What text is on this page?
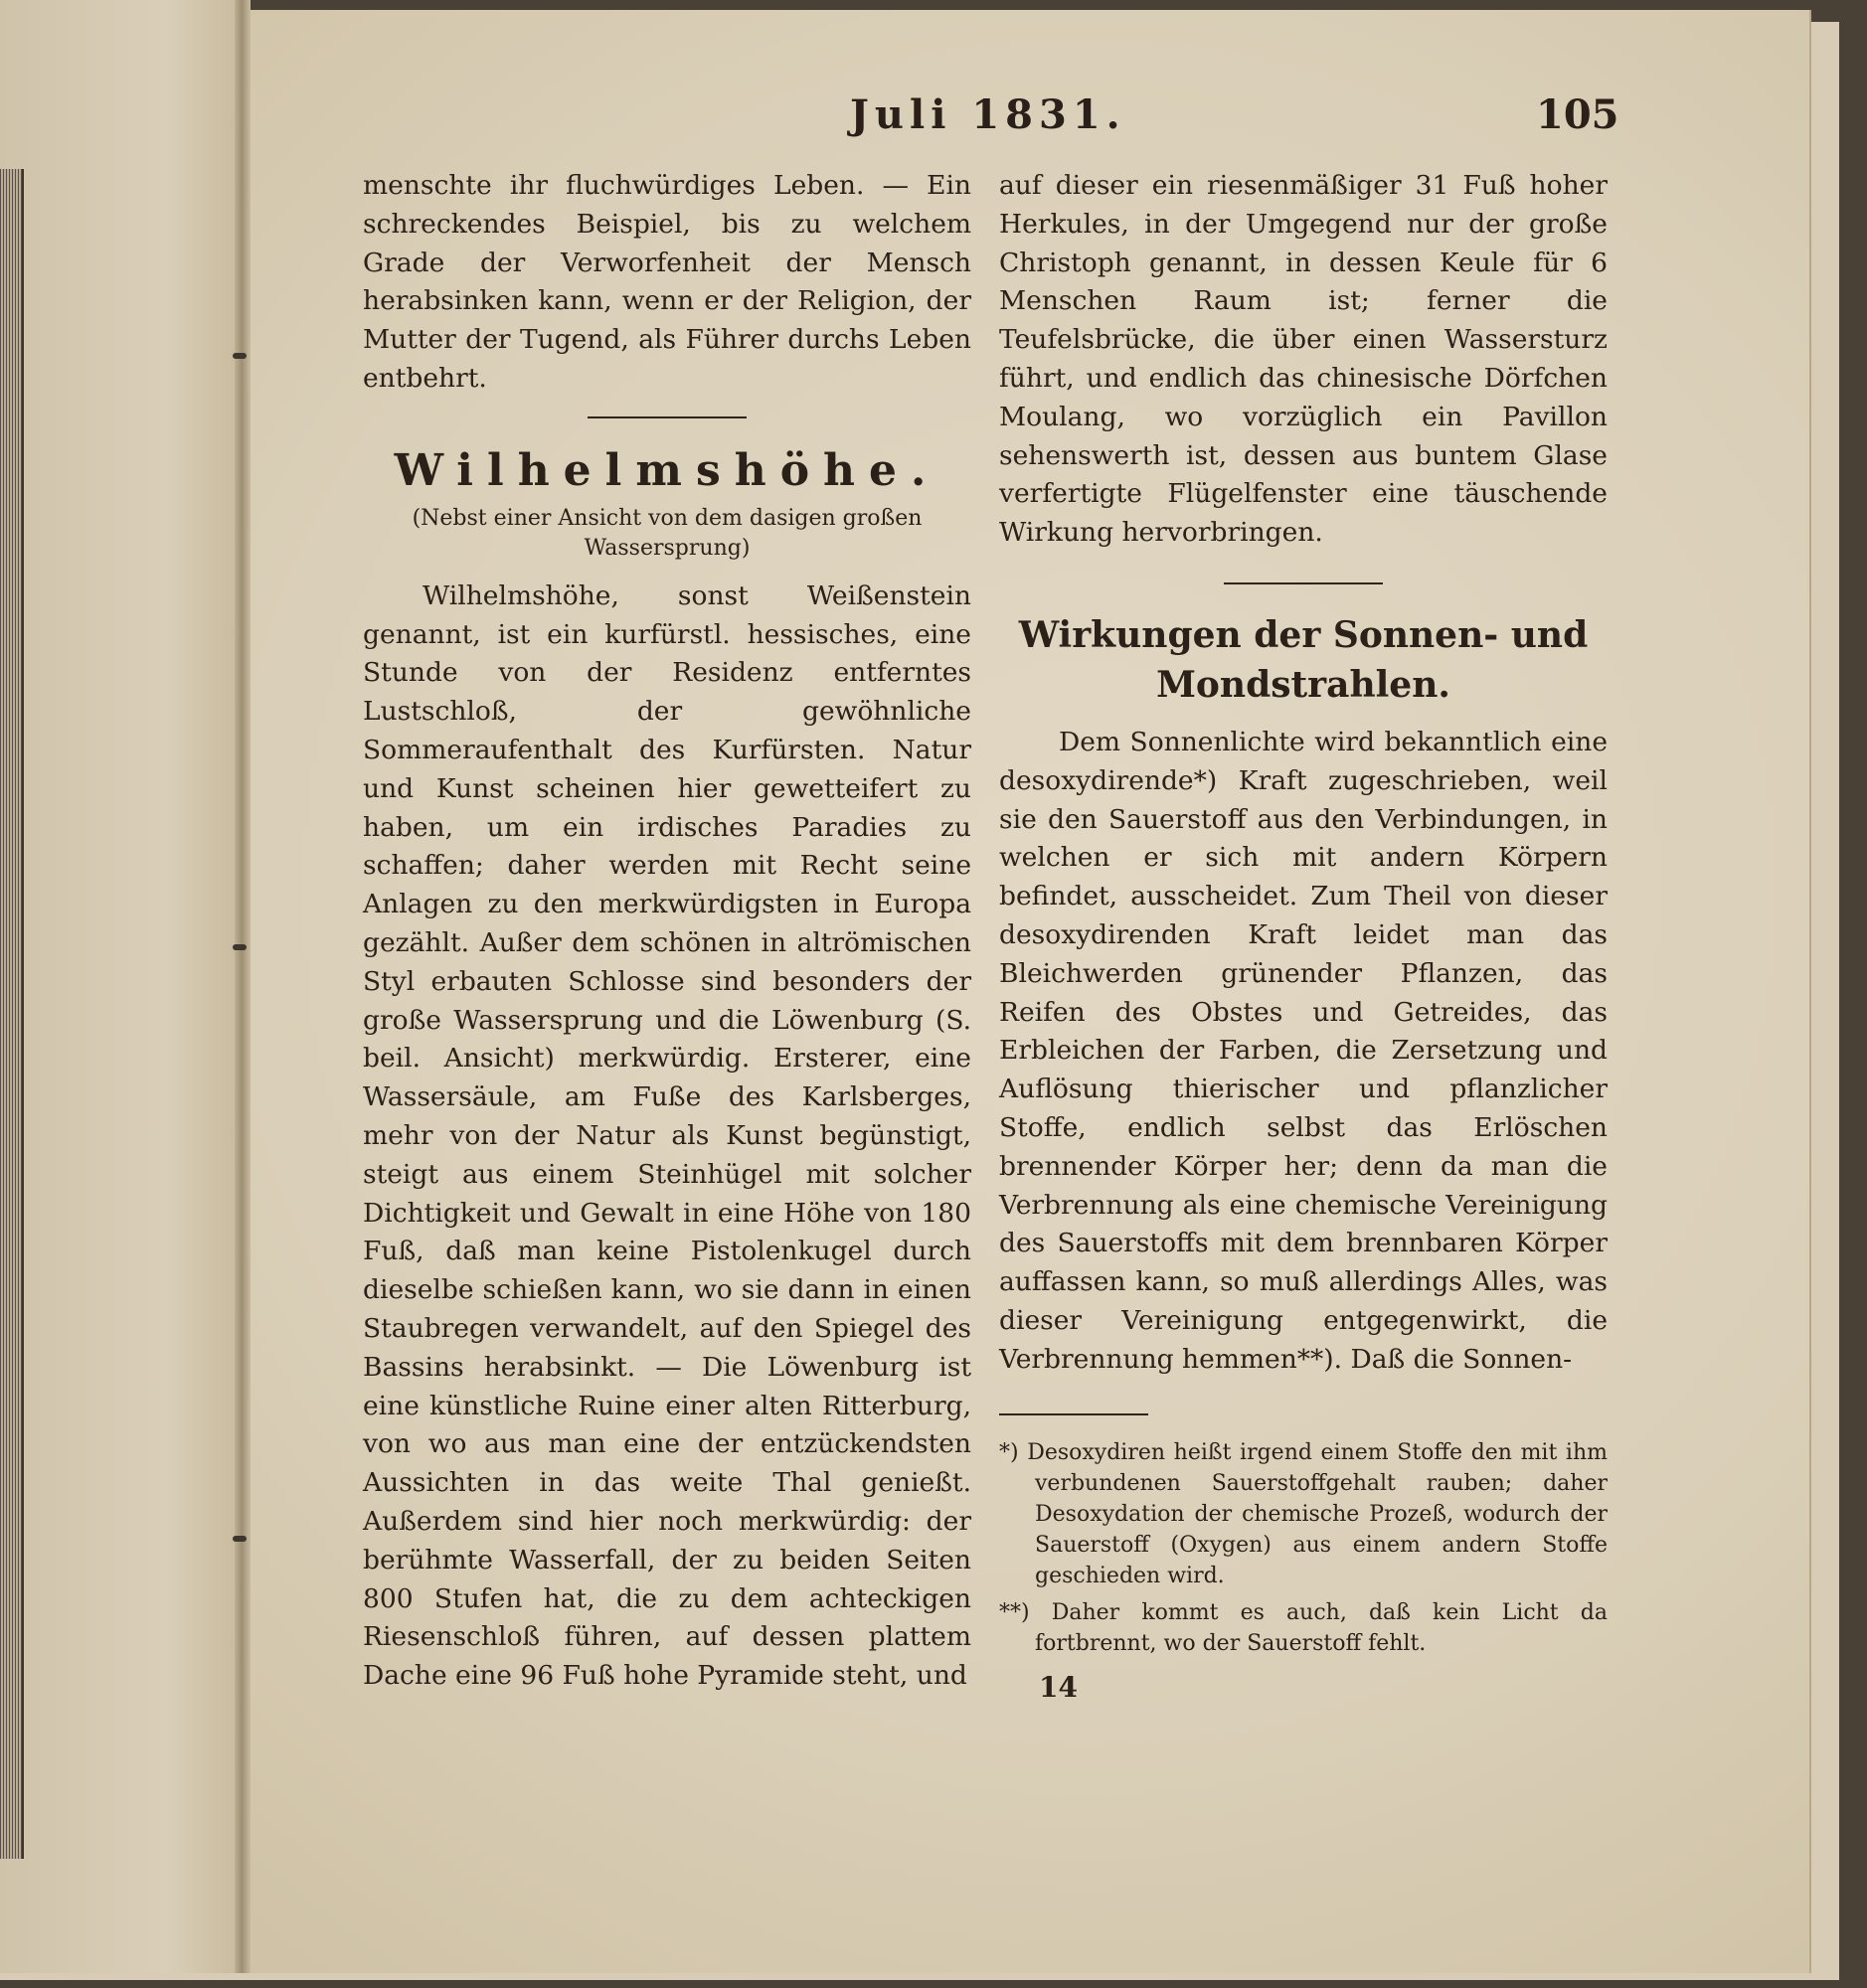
Juli 1831.	105

menschte ihr fluchwürdiges Leben. — Ein schreckendes Beispiel, bis zu welchem Grade der Verworfenheit der Mensch herabsinken kann, wenn er der Religion, der Mutter der Tugend, als Führer durchs Leben entbehrt.

Wilhelmshöhe.
(Nebst einer Ansicht von dem dasigen großen Wassersprung)

Wilhelmshöhe, sonst Weißenstein genannt, ist ein kurfürstl. hessisches, eine Stunde von der Residenz entferntes Lustschloß, der gewöhnliche Sommeraufenthalt des Kurfürsten. Natur und Kunst scheinen hier gewetteifert zu haben, um ein irdisches Paradies zu schaffen; daher werden mit Recht seine Anlagen zu den merkwürdigsten in Europa gezählt. Außer dem schönen in altrömischen Styl erbauten Schlosse sind besonders der große Wassersprung und die Löwenburg (S. beil. Ansicht) merkwürdig. Ersterer, eine Wassersäule, am Fuße des Karlsberges, mehr von der Natur als Kunst begünstigt, steigt aus einem Steinhügel mit solcher Dichtigkeit und Gewalt in eine Höhe von 180 Fuß, daß man keine Pistolenkugel durch dieselbe schießen kann, wo sie dann in einen Staubregen verwandelt, auf den Spiegel des Bassins herabsinkt. — Die Löwenburg ist eine künstliche Ruine einer alten Ritterburg, von wo aus man eine der entzückendsten Aussichten in das weite Thal genießt. Außerdem sind hier noch merkwürdig: der berühmte Wasserfall, der zu beiden Seiten 800 Stufen hat, die zu dem achteckigen Riesenschloß führen, auf dessen plattem Dache eine 96 Fuß hohe Pyramide steht, und

auf dieser ein riesenmäßiger 31 Fuß hoher Herkules, in der Umgegend nur der große Christoph genannt, in dessen Keule für 6 Menschen Raum ist; ferner die Teufelsbrücke, die über einen Wassersturz führt, und endlich das chinesische Dörfchen Moulang, wo vorzüglich ein Pavillon sehenswerth ist, dessen aus buntem Glase verfertigte Flügelfenster eine täuschende Wirkung hervorbringen.

Wirkungen der Sonnen- und Mondstrahlen.

Dem Sonnenlichte wird bekanntlich eine desoxydirende*) Kraft zugeschrieben, weil sie den Sauerstoff aus den Verbindungen, in welchen er sich mit andern Körpern befindet, ausscheidet. Zum Theil von dieser desoxydirenden Kraft leidet man das Bleichwerden grünender Pflanzen, das Reifen des Obstes und Getreides, das Erbleichen der Farben, die Zersetzung und Auflösung thierischer und pflanzlicher Stoffe, endlich selbst das Erlöschen brennender Körper her; denn da man die Verbrennung als eine chemische Vereinigung des Sauerstoffs mit dem brennbaren Körper auffassen kann, so muß allerdings Alles, was dieser Vereinigung entgegenwirkt, die Verbrennung hemmen**). Daß die Sonnen-

*) Desoxydiren heißt irgend einem Stoffe den mit ihm verbundenen Sauerstoffgehalt rauben; daher Desoxydation der chemische Prozeß, wodurch der Sauerstoff (Oxygen) aus einem andern Stoffe geschieden wird.

**) Daher kommt es auch, daß kein Licht da fortbrennt, wo der Sauerstoff fehlt.

14
